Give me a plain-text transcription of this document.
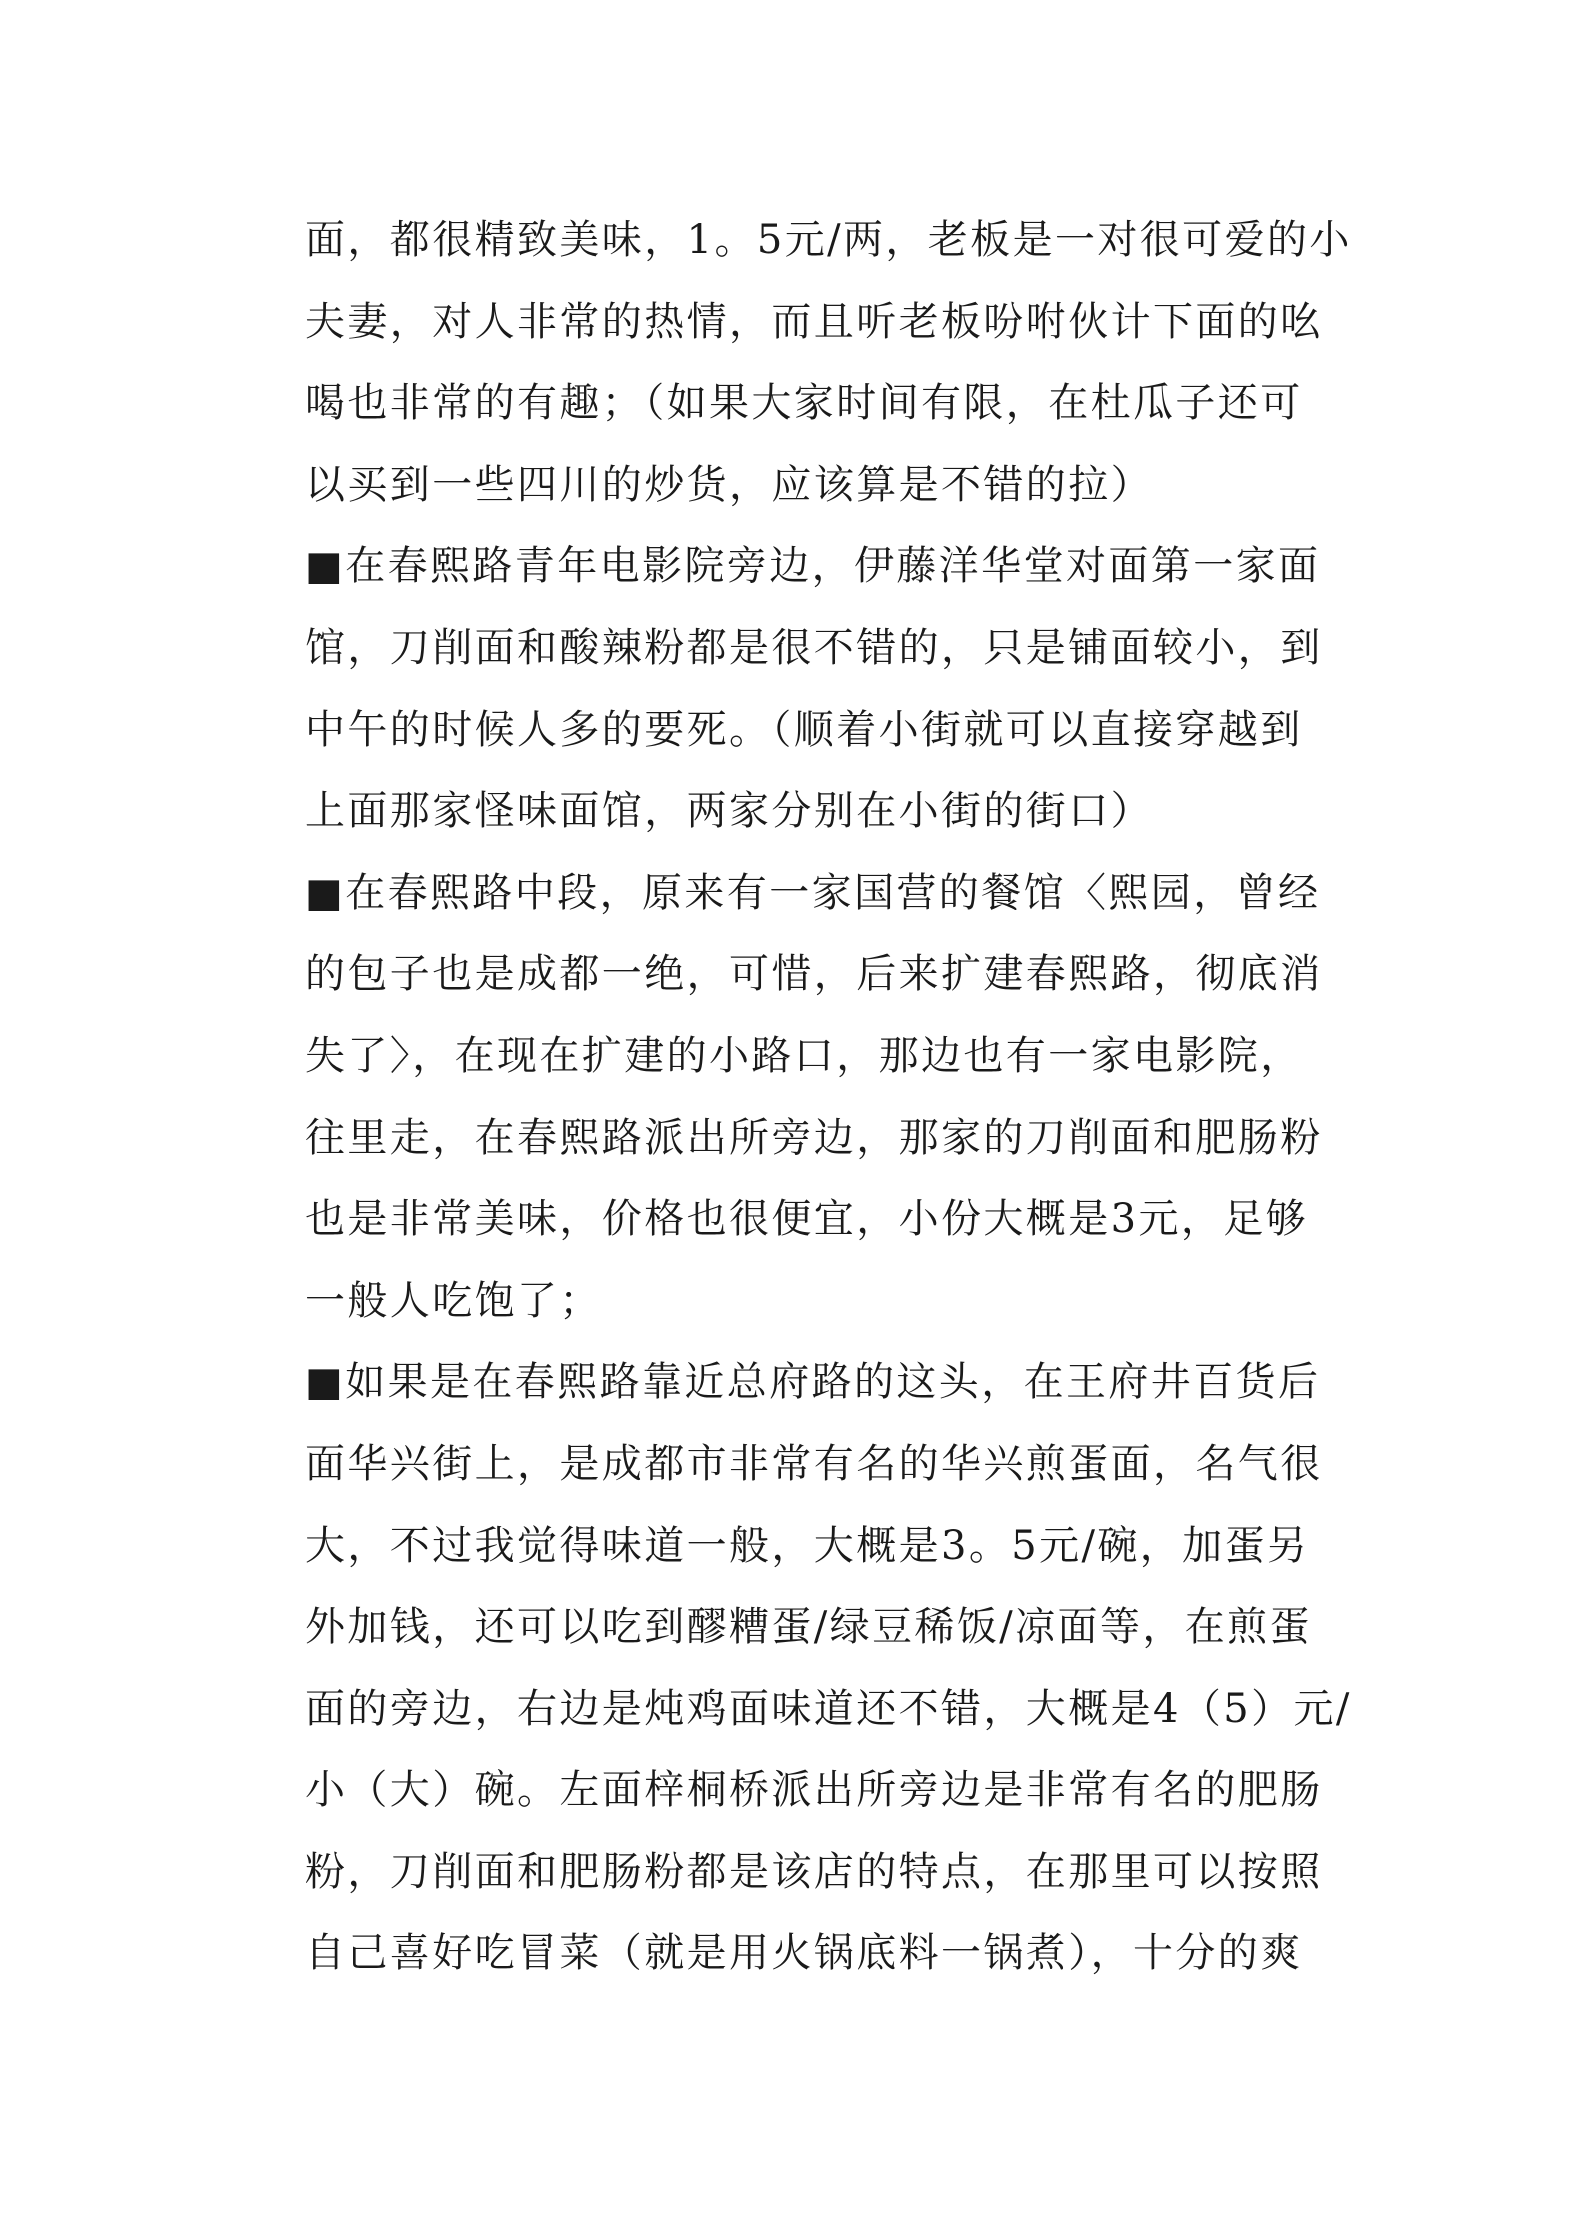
面，都很精致美味，1。5元/两，老板是一对很可爱的小
夫妻，对人非常的热情，而且听老板吩咐伙计下面的吆
喝也非常的有趣；（如果大家时间有限，在杜瓜子还可
以买到一些四川的炒货，应该算是不错的拉）
■在春熙路青年电影院旁边，伊藤洋华堂对面第一家面
馆，刀削面和酸辣粉都是很不错的，只是铺面较小，到
中午的时候人多的要死。（顺着小街就可以直接穿越到
上面那家怪味面馆，两家分别在小街的街口）
■在春熙路中段，原来有一家国营的餐馆〈熙园，曾经
的包子也是成都一绝，可惜，后来扩建春熙路，彻底消
失了〉，在现在扩建的小路口，那边也有一家电影院，
往里走，在春熙路派出所旁边，那家的刀削面和肥肠粉
也是非常美味，价格也很便宜，小份大概是3元，足够
一般人吃饱了；
■如果是在春熙路靠近总府路的这头，在王府井百货后
面华兴街上，是成都市非常有名的华兴煎蛋面，名气很
大，不过我觉得味道一般，大概是3。5元/碗，加蛋另
外加钱，还可以吃到醪糟蛋/绿豆稀饭/凉面等，在煎蛋
面的旁边，右边是炖鸡面味道还不错，大概是4（5）元/
小（大）碗。左面梓桐桥派出所旁边是非常有名的肥肠
粉，刀削面和肥肠粉都是该店的特点，在那里可以按照
自己喜好吃冒菜（就是用火锅底料一锅煮），十分的爽
